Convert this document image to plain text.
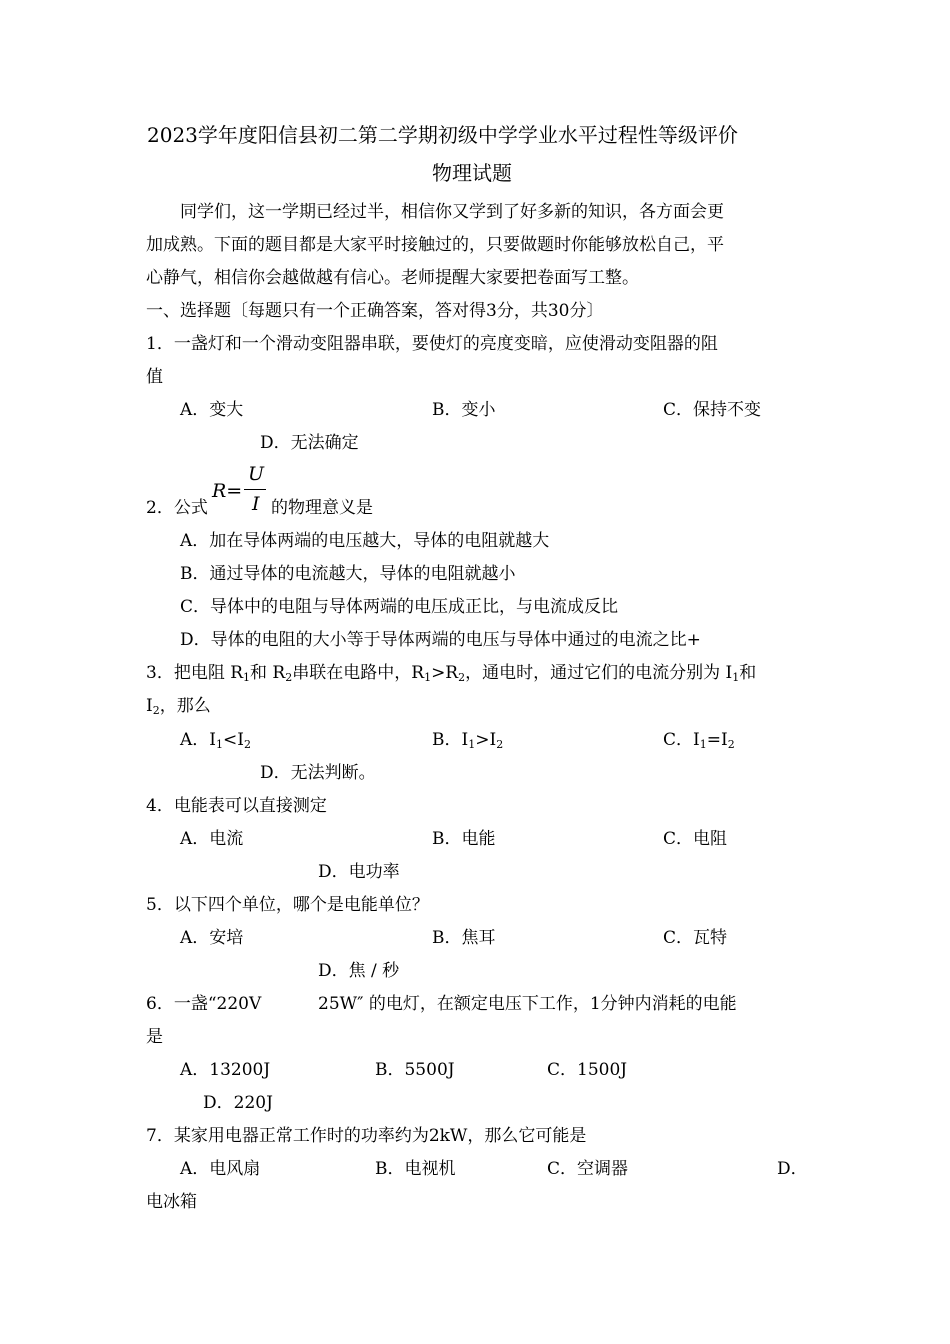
2023学年度阳信县初二第二学期初级中学学业水平过程性等级评价
物理试题
同学们，这一学期已经过半，相信你又学到了好多新的知识，各方面会更
加成熟。下面的题目都是大家平时接触过的，只要做题时你能够放松自己，平
心静气，相信你会越做越有信心。老师提醒大家要把卷面写工整。
一、选择题〔每题只有一个正确答案，答对得3分，共30分〕
1．一盏灯和一个滑动变阻器串联，要使灯的亮度变暗，应使滑动变阻器的阻
值
A．变大	B．变小	C．保持不变
D．无法确定
2．公式
R=
U
I 的物理意义是
A．加在导体两端的电压越大，导体的电阻就越大
B．通过导体的电流越大，导体的电阻就越小
C．导体中的电阻与导体两端的电压成正比，与电流成反比
D．导体的电阻的大小等于导体两端的电压与导体中通过的电流之比+
3．把电阻 $R_1$和 $R_2$串联在电路中，$R_1>R_2$，通电时，通过它们的电流分别为 $I_1$和
$I_2$，那么
A．$I_1<I_2$	B．$I_1>I_2$	C．$I_1=I_2$
D．无法判断。
4．电能表可以直接测定
A．电流	B．电能	C．电阻
D．电功率
5．以下四个单位，哪个是电能单位？
A．安培	B．焦耳	C．瓦特
D．焦 / 秒
6．一盏“220V	25W″ 的电灯，在额定电压下工作，1分钟内消耗的电能
是
A．13200J	B．5500J	C．1500J
D．220J
7．某家用电器正常工作时的功率约为2kW，那么它可能是
A．电风扇	B．电视机	C．空调器	D．
电冰箱
